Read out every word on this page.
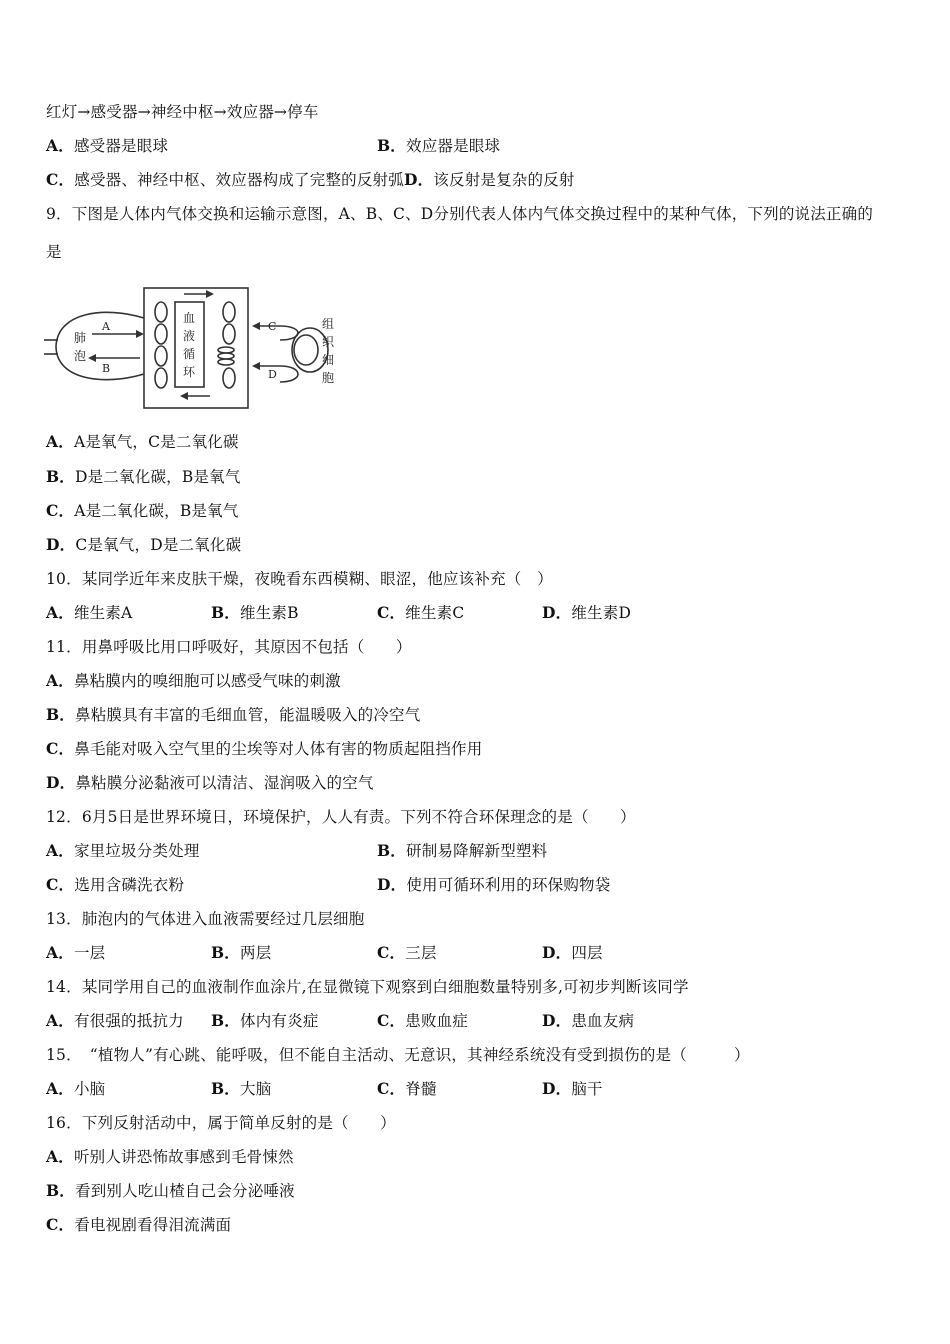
红灯→感受器→神经中枢→效应器→停车
A．感受器是眼球	B．效应器是眼球
C．感受器、神经中枢、效应器构成了完整的反射弧D．该反射是复杂的反射
9．下图是人体内气体交换和运输示意图，A、B、C、D分别代表人体内气体交换过程中的某种气体，下列的说法正确的
是
肺
泡
A
B
C
D
血
液
循
环
组
织
细
胞
A．A是氧气，C是二氧化碳
B．D是二氧化碳，B是氧气
C．A是二氧化碳，B是氧气
D．C是氧气，D是二氧化碳
10．某同学近年来皮肤干燥，夜晚看东西模糊、眼涩，他应该补充（　）
A．维生素A	B．维生素B	C．维生素C	D．维生素D
11．用鼻呼吸比用口呼吸好，其原因不包括（　　）
A．鼻粘膜内的嗅细胞可以感受气味的刺激
B．鼻粘膜具有丰富的毛细血管，能温暖吸入的冷空气
C．鼻毛能对吸入空气里的尘埃等对人体有害的物质起阻挡作用
D．鼻粘膜分泌黏液可以清洁、湿润吸入的空气
12．6月5日是世界环境日，环境保护，人人有责。下列不符合环保理念的是（　　）
A．家里垃圾分类处理	B．研制易降解新型塑料
C．选用含磷洗衣粉	D．使用可循环利用的环保购物袋
13．肺泡内的气体进入血液需要经过几层细胞
A．一层	B．两层	C．三层	D．四层
14．某同学用自己的血液制作血涂片,在显微镜下观察到白细胞数量特别多,可初步判断该同学
A．有很强的抵抗力 B．体内有炎症	C．患败血症	D．患血友病
15．　“植物人”有心跳、能呼吸，但不能自主活动、无意识，其神经系统没有受到损伤的是（　　　）
A．小脑	B．大脑	C．脊髓	D．脑干
16．下列反射活动中，属于简单反射的是（　　）
A．听别人讲恐怖故事感到毛骨悚然
B．看到别人吃山楂自己会分泌唾液
C．看电视剧看得泪流满面
